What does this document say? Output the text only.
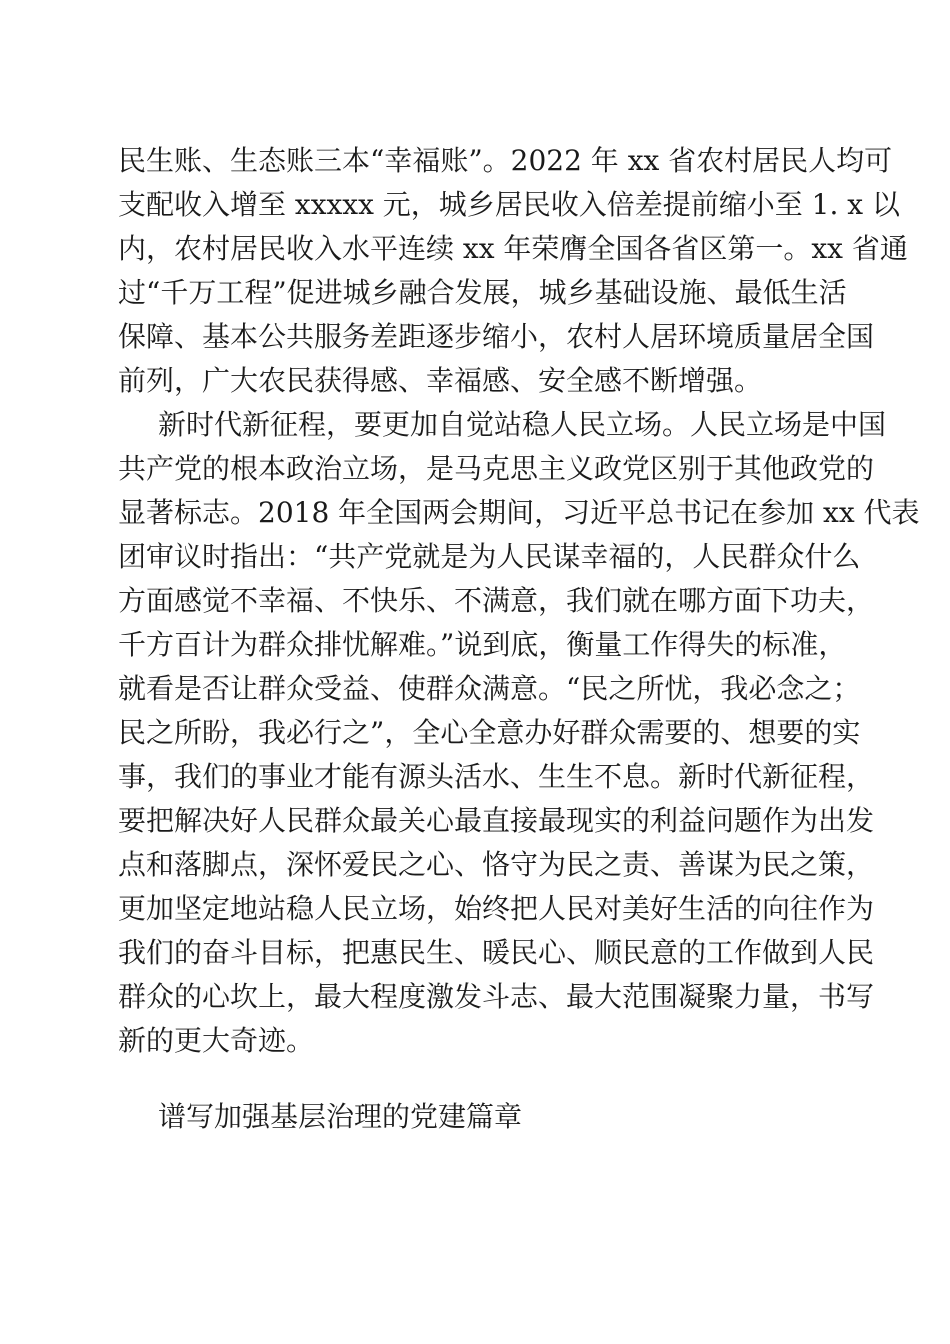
民生账、生态账三本“幸福账”。2022 年 xx 省农村居民人均可
支配收入增至 xxxxx 元，城乡居民收入倍差提前缩小至 1. x 以
内，农村居民收入水平连续 xx 年荣膺全国各省区第一。xx 省通
过“千万工程”促进城乡融合发展，城乡基础设施、最低生活
保障、基本公共服务差距逐步缩小，农村人居环境质量居全国
前列，广大农民获得感、幸福感、安全感不断增强。
新时代新征程，要更加自觉站稳人民立场。人民立场是中国
共产党的根本政治立场，是马克思主义政党区别于其他政党的
显著标志。2018 年全国两会期间，习近平总书记在参加 xx 代表
团审议时指出：“共产党就是为人民谋幸福的，人民群众什么
方面感觉不幸福、不快乐、不满意，我们就在哪方面下功夫，
千方百计为群众排忧解难。”说到底，衡量工作得失的标准，
就看是否让群众受益、使群众满意。“民之所忧，我必念之；
民之所盼，我必行之”，全心全意办好群众需要的、想要的实
事，我们的事业才能有源头活水、生生不息。新时代新征程，
要把解决好人民群众最关心最直接最现实的利益问题作为出发
点和落脚点，深怀爱民之心、恪守为民之责、善谋为民之策，
更加坚定地站稳人民立场，始终把人民对美好生活的向往作为
我们的奋斗目标，把惠民生、暖民心、顺民意的工作做到人民
群众的心坎上，最大程度激发斗志、最大范围凝聚力量，书写
新的更大奇迹。
谱写加强基层治理的党建篇章
